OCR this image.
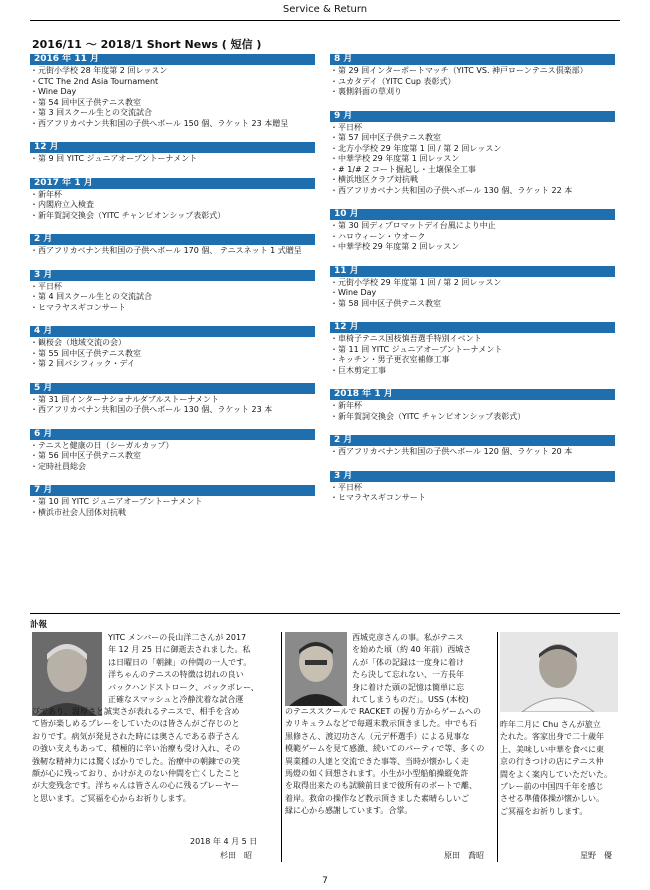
Service & Return
2016/11 ～ 2018/1 Short News ( 短信 )
2016 年 11 月
・元街小学校 28 年度第 2 回レッスン
・CTC The 2nd Asia Tournament
・Wine Day
・第 54 回中区子供テニス教室
・第 3 回スクール生との交流試合
・西アフリカベナン共和国の子供へボール 150 個、ラケット 23 本贈呈
12 月
・第 9 回 YITC ジュニアオープントーナメント
2017 年 1 月
・新年杯
・内閣府立入検査
・新年賀詞交換会（YITC チャンピオンシップ表彰式）
2 月
・西アフリカベナン共和国の子供へボール 170 個、 テニスネット 1 式贈呈
3 月
・平日杯
・第 4 回スクール生との交流試合
・ヒマラヤスギコンサート
4 月
・観桜会（地域交流の会）
・第 55 回中区子供テニス教室
・第 2 回パシフィック・デイ
5 月
・第 31 回インターナショナルダブルストーナメント
・西アフリカベナン共和国の子供へボール 130 個、ラケット 23 本
6 月
・テニスと健康の日（シーガルカップ）
・第 56 回中区子供テニス教室
・定時社員総会
7 月
・第 10 回 YITC ジュニアオープントーナメント
・横浜市社会人団体対抗戦
8 月
・第 29 回インターポートマッチ（YITC VS. 神戸ローンテニス倶楽部）
・ユカタデイ（YITC Cup 表彰式）
・裏側斜面の草刈り
9 月
・平日杯
・第 57 回中区子供テニス教室
・北方小学校 29 年度第 1 回 / 第 2 回レッスン
・中華学校 29 年度第 1 回レッスン
・# 1/# 2 コート掘起し・土壌保全工事
・横浜地区クラブ対抗戦
・西アフリカベナン共和国の子供へボール 130 個、ラケット 22 本
10 月
・第 30 回ディプロマットデイ台風により中止
・ハロウィーン・ウオーク
・中華学校 29 年度第 2 回レッスン
11 月
・元街小学校 29 年度第 1 回 / 第 2 回レッスン
・Wine Day
・第 58 回中区子供テニス教室
12 月
・車椅子テニス国枝慎吾選手特別イベント
・第 11 回 YITC ジュニアオープントーナメント
・キッチン・男子更衣室補修工事
・巨木剪定工事
2018 年 1 月
・新年杯
・新年賀詞交換会（YITC チャンピオンシップ表彰式）
2 月
・西アフリカベナン共和国の子供へボール 120 個、ラケット 20 本
3 月
・平日杯
・ヒマラヤスギコンサート
訃報

YITC メンバーの長山洋二さんが 2017

年 12 月 25 日に御逝去されました。私

は日曜日の「朝錬」の仲間の一人です。

洋ちゃんのテニスの特徴は切れの良い

バックハンドストローク、バックボレー、

正確なスマッシュと冷静沈着な試合運

びであり、温厚さと誠実さが表れるテニスで、相手を含め

て皆が楽しめるプレーをしていたのは皆さんがご存じのと

おりです。病気が発見された時には奥さんである恭子さん

の強い支えもあって、積極的に辛い治療も受け入れ、その

強靭な精神力には驚くばかりでした。治療中の朝錬での笑

顔が心に残っており、かけがえのない仲間を亡くしたこと

が大変残念です。洋ちゃんは皆さんの心に残るプレーヤー

と思います。ご冥福を心からお祈りします。

2018 年 4 月 5 日
杉田　昭

西城克彦さんの事。私がテニス

を始めた頃（約 40 年前）西城さ

んが「体の記録は一度身に着け

たら決して忘れない、一方長年

身に着けた頭の記憶は簡単に忘

れてしまうものだ」。USS (本校)

のテニススクールで RACKET の握り方からゲームへの

カリキュラムなどで毎週末教示頂きました。中でも石

黒修さん、渡辺功さん（元デ杯選手）による見事な

模範ゲームを見て感激、続いてのパーティで等、多くの

異業種の人達と交流できた事等、当時が懐かしく走

馬燈の如く回想されます。小生が小型船舶操縦免許

を取得出来たのも試験前日まで彼所有のボートで離、

着岸。救命の操作など教示頂きました素晴らしいご

縁に心から感謝しています。合掌。

原田　喬昭

昨年二月に Chu さんが旅立

たれた。客家出身で二十歳年

上、美味しい中華を食べに東

京の行きつけの店にテニス仲

間をよく案内していただいた。

プレー前の中国四千年を感じ

させる準備体操が懐かしい。

ご冥福をお祈りします。

星野　優
7
